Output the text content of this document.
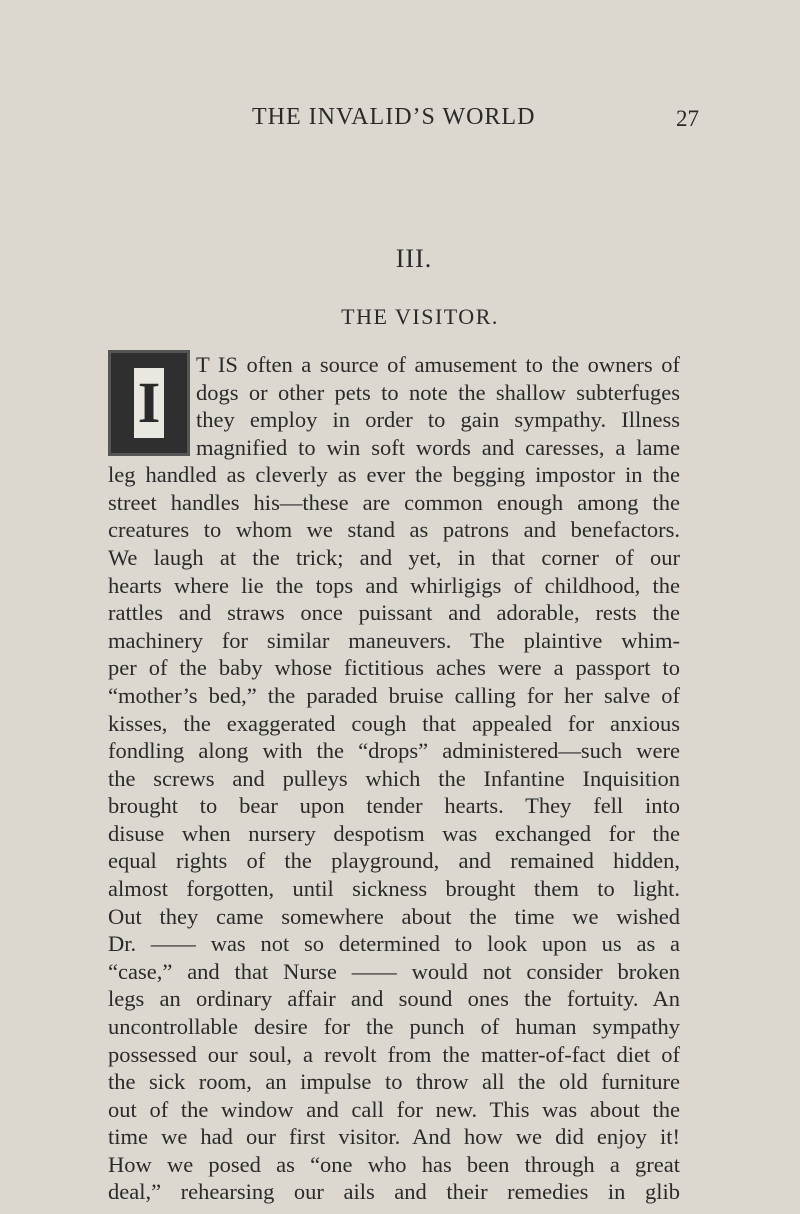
THE INVALID’S WORLD	27
III.
THE VISITOR.
I
T IS often a source of amusement to the owners of
dogs or other pets to note the shallow subterfuges
they employ in order to gain sympathy. Illness
magnified to win soft words and caresses, a lame
leg handled as cleverly as ever the begging impostor in the
street handles his—these are common enough among the
creatures to whom we stand as patrons and benefactors.
We laugh at the trick; and yet, in that corner of our
hearts where lie the tops and whirligigs of childhood, the
rattles and straws once puissant and adorable, rests the
machinery for similar maneuvers. The plaintive whim-
per of the baby whose fictitious aches were a passport to
“mother’s bed,” the paraded bruise calling for her salve of
kisses, the exaggerated cough that appealed for anxious
fondling along with the “drops” administered—such were
the screws and pulleys which the Infantine Inquisition
brought to bear upon tender hearts. They fell into
disuse when nursery despotism was exchanged for the
equal rights of the playground, and remained hidden,
almost forgotten, until sickness brought them to light.
Out they came somewhere about the time we wished
Dr. —— was not so determined to look upon us as a
“case,” and that Nurse —— would not consider broken
legs an ordinary affair and sound ones the fortuity. An
uncontrollable desire for the punch of human sympathy
possessed our soul, a revolt from the matter-of-fact diet of
the sick room, an impulse to throw all the old furniture
out of the window and call for new. This was about the
time we had our first visitor. And how we did enjoy it!
How we posed as “one who has been through a great
deal,” rehearsing our ails and their remedies in glib
